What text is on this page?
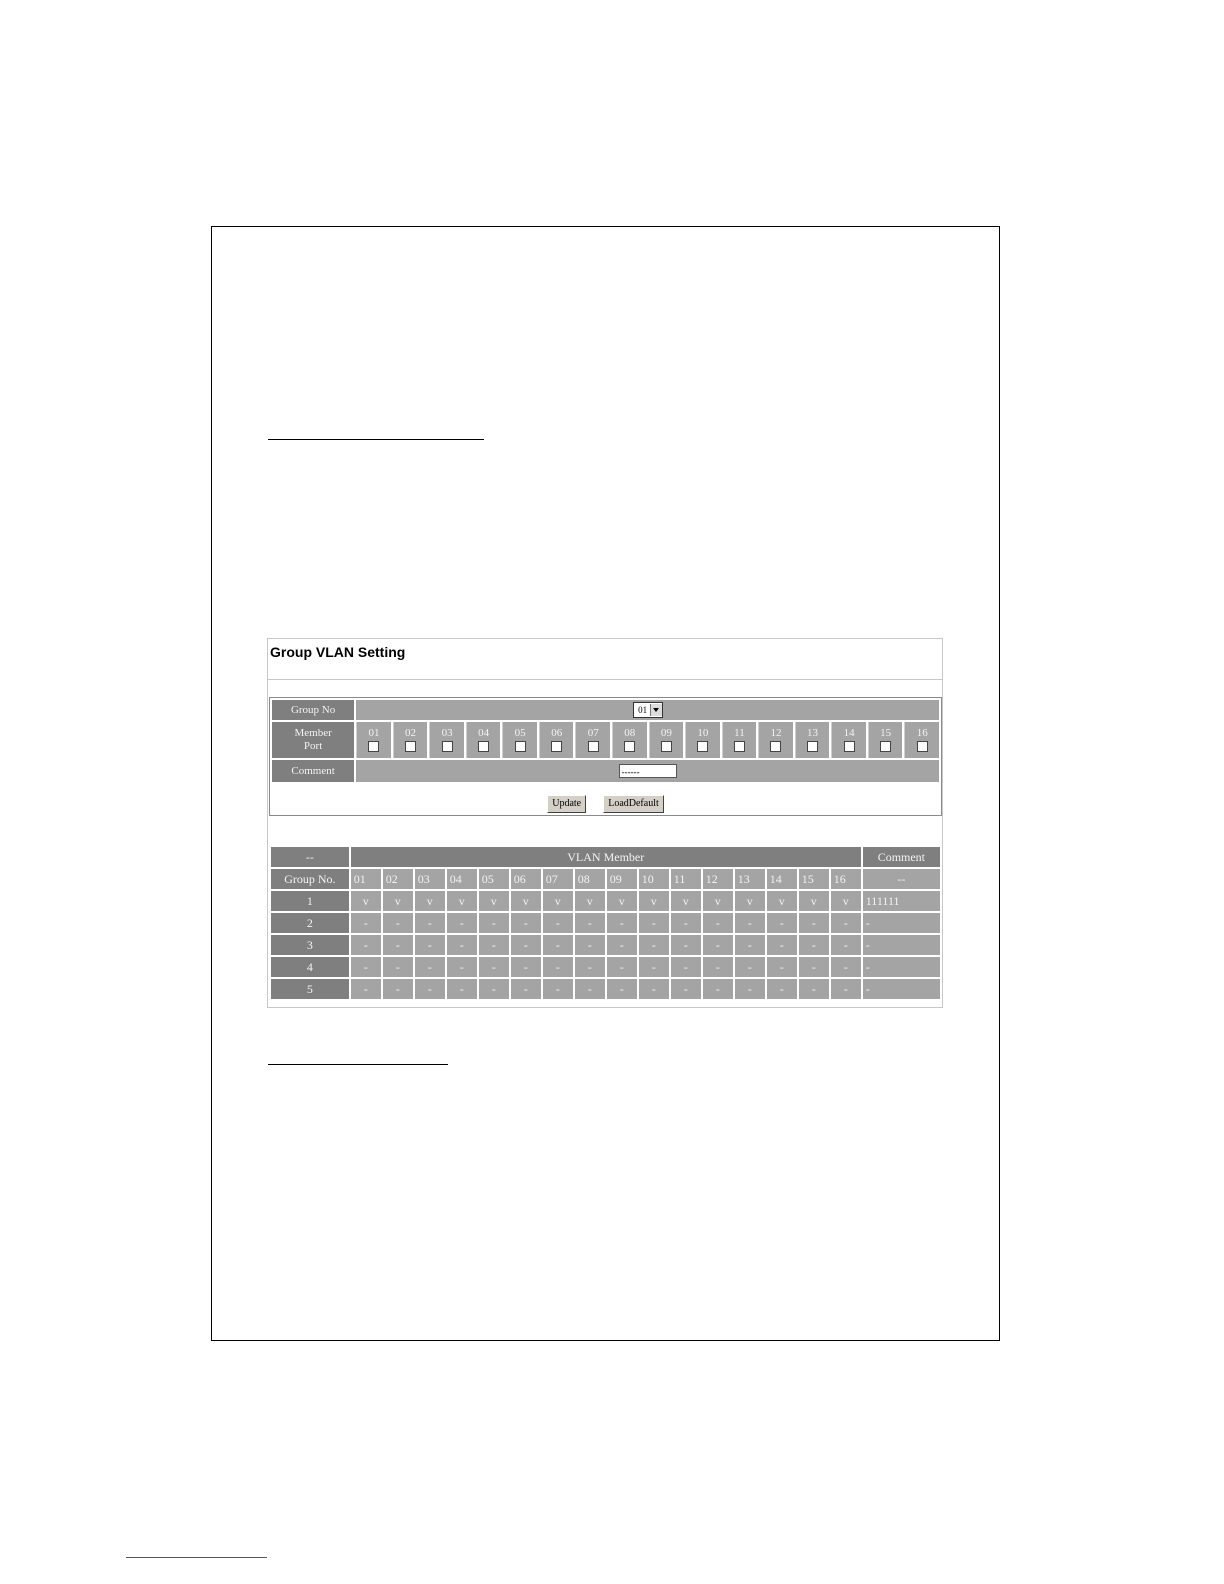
Group VLAN Setting
Group No	01															

Member
Port	01	02	03	04	05	06	07	08	09	10	11	12	13	14	15	16

Comment	------															
Update	LoadDefault
--	VLAN Member																Comment
Group No.	01	02	03	04	05	06	07	08	09	10	11	12	13	14	15	16	--
1	v	v	v	v	v	v	v	v	v	v	v	v	v	v	v	v	111111
2	-	-	-	-	-	-	-	-	-	-	-	-	-	-	-	-	-
3	-	-	-	-	-	-	-	-	-	-	-	-	-	-	-	-	-
4	-	-	-	-	-	-	-	-	-	-	-	-	-	-	-	-	-
5	-	-	-	-	-	-	-	-	-	-	-	-	-	-	-	-	-
